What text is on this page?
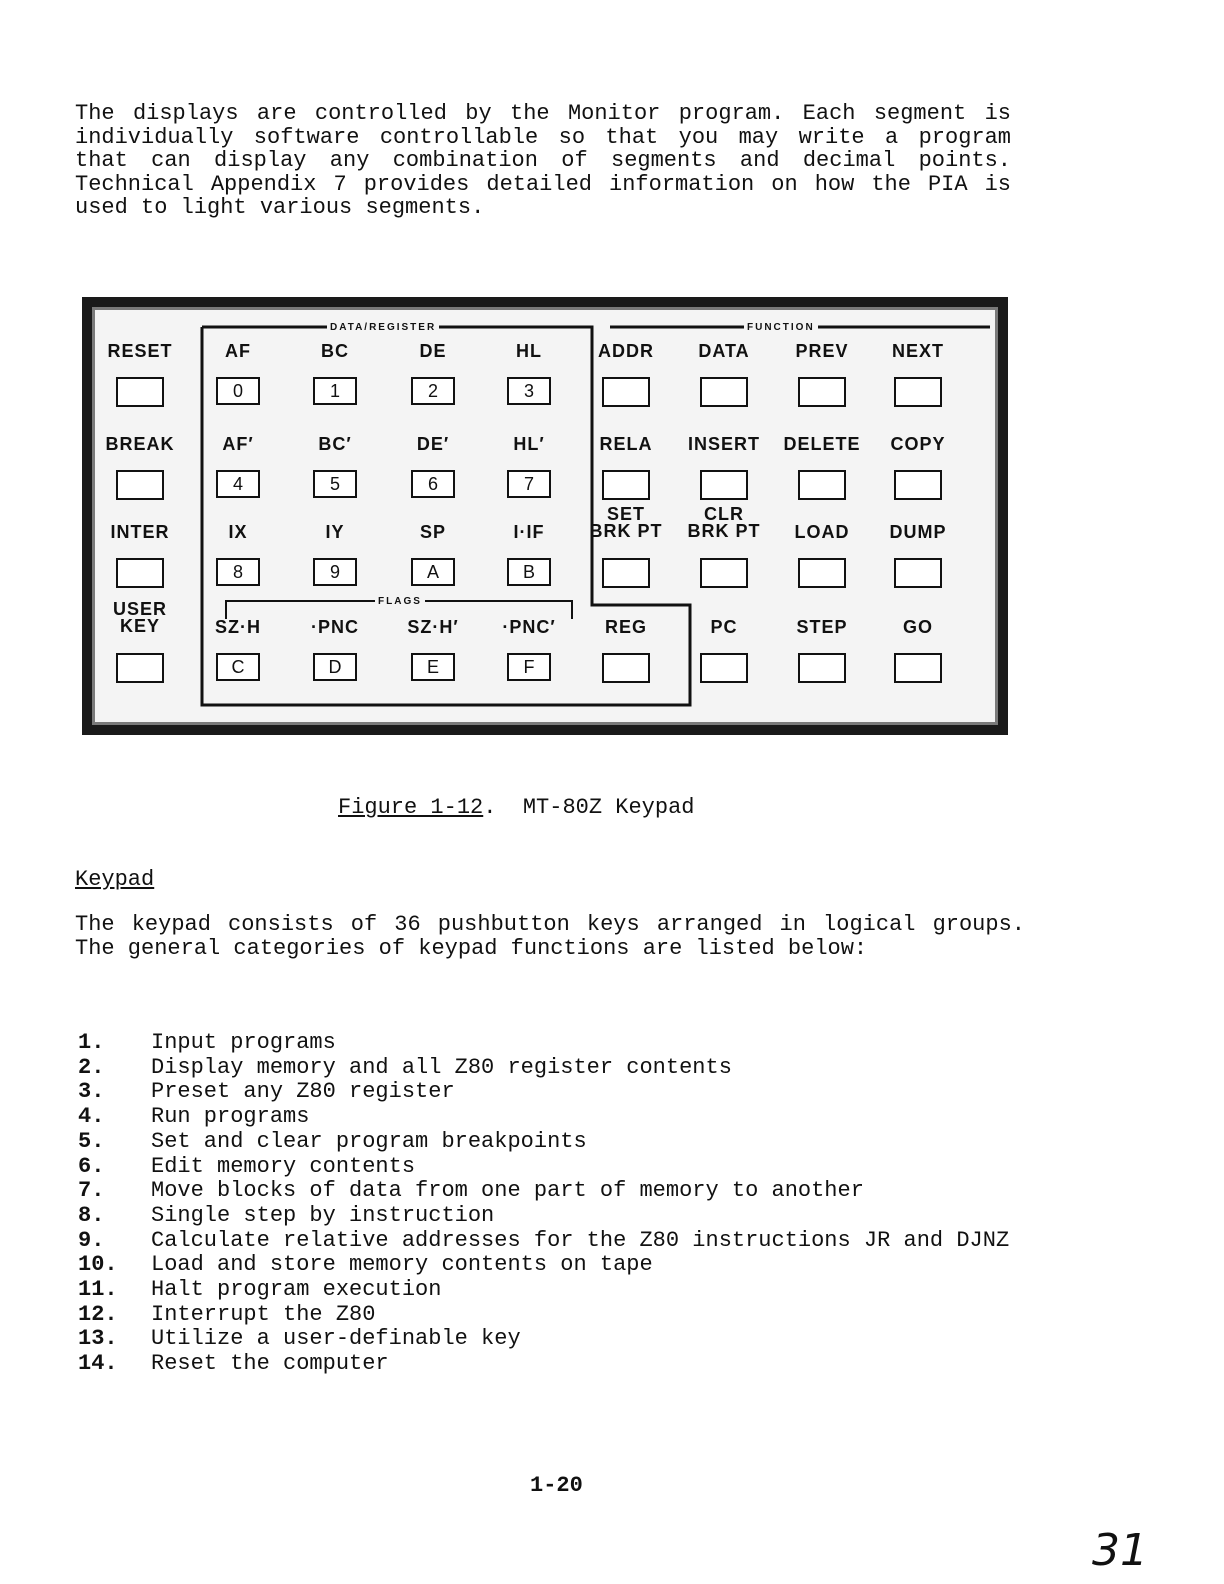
The displays are controlled by the Monitor program. Each segment is individually software controllable so that you may write a program that can display any combination of segments and decimal points. Technical Appendix 7 provides detailed information on how the PIA is used to light various segments.

DATA/REGISTER	FUNCTION
FLAGS
RESET	AF
0
BC
1
DE
2
HL
3
ADDR	DATA	PREV	NEXT
BREAK	AF′
4
BC′
5
DE′
6
HL′
7
RELA	INSERT	DELETE	COPY
INTER	IX
8
IY
9
SP
A
I·IF
B
SET
BRK PT
CLR
BRK PT	LOAD	DUMP
USER
KEY	SZ·H
C
·PNC
D
SZ·H′
E
·PNC′
F
REG	PC	STEP	GO
Figure 1-12.  MT-80Z Keypad
Keypad

The keypad consists of 36 pushbutton keys arranged in logical groups. The general categories of keypad functions are listed below:

1.	Input programs
2.	Display memory and all Z80 register contents
3.	Preset any Z80 register
4.	Run programs
5.	Set and clear program breakpoints
6.	Edit memory contents
7.	Move blocks of data from one part of memory to another
8.	Single step by instruction
9.	Calculate relative addresses for the Z80 instructions JR and DJNZ
10.	Load and store memory contents on tape
11.	Halt program execution
12.	Interrupt the Z80
13.	Utilize a user-definable key
14.	Reset the computer
1-20
31
